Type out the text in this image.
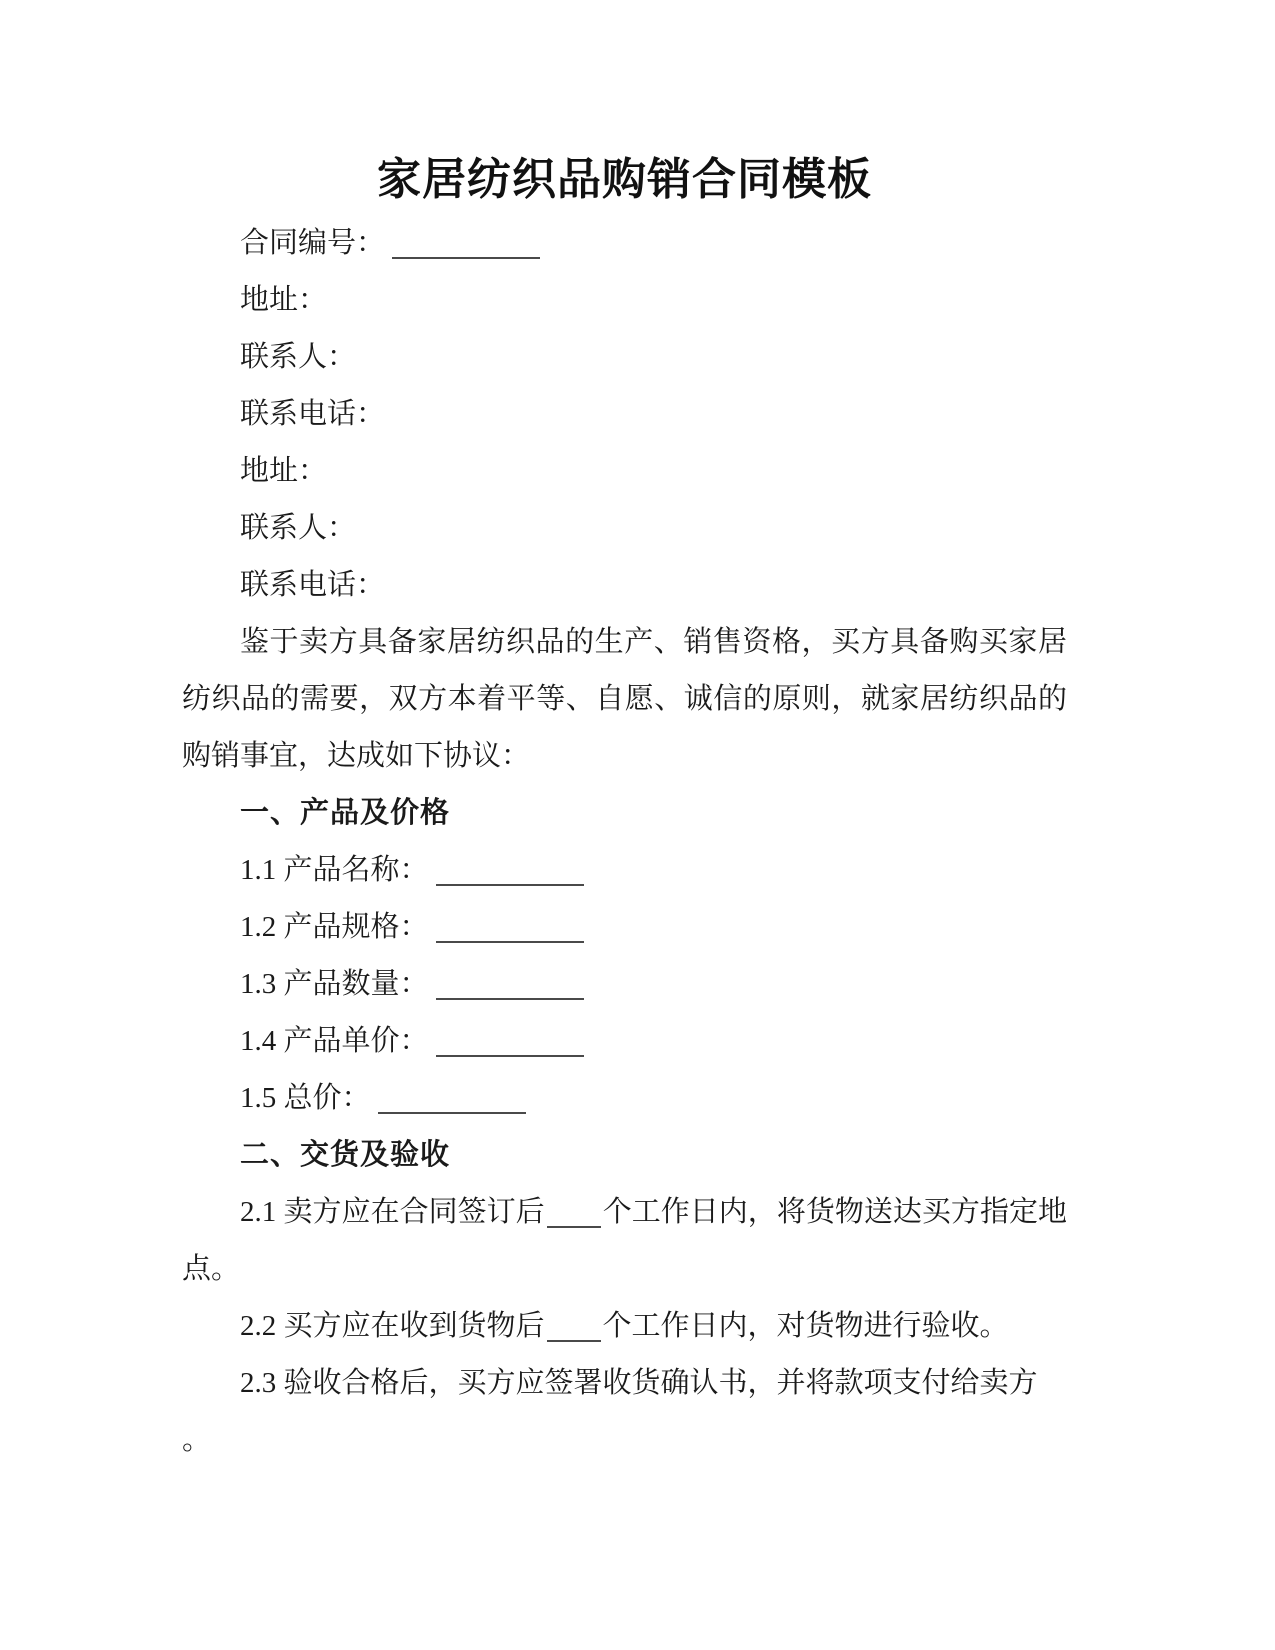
家居纺织品购销合同模板

合同编号：

地址：

联系人：

联系电话：

地址：

联系人：

联系电话：

鉴于卖方具备家居纺织品的生产、销售资格，买方具备购买家居纺织品的需要，双方本着平等、自愿、诚信的原则，就家居纺织品的购销事宜，达成如下协议：

一、产品及价格

1.1 产品名称：

1.2 产品规格：

1.3 产品数量：

1.4 产品单价：

1.5 总价：

二、交货及验收

2.1 卖方应在合同签订后 个工作日内，将货物送达买方指定地点。

2.2 买方应在收到货物后 个工作日内，对货物进行验收。

2.3 验收合格后，买方应签署收货确认书，并将款项支付给卖方

。
